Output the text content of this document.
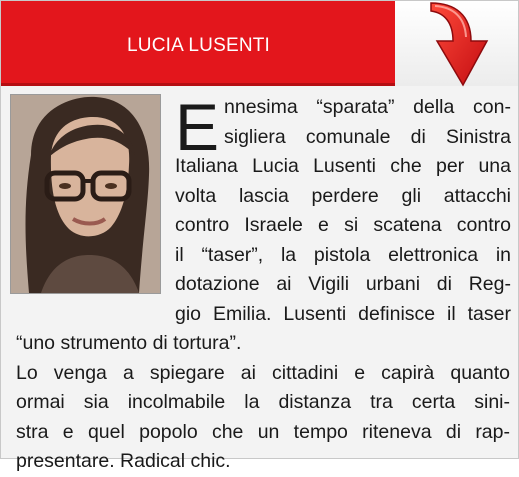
LUCIA LUSENTI
E nnesima “sparata” della con-
sigliera comunale di Sinistra
Italiana Lucia Lusenti che per una
volta lascia perdere gli attacchi
contro Israele e si scatena contro
il “taser”, la pistola elettronica in
dotazione ai Vigili urbani di Reg-
gio Emilia. Lusenti definisce il taser
“uno strumento di tortura”.
Lo venga a spiegare ai cittadini e capirà quanto
ormai sia incolmabile la distanza tra certa sini-
stra e quel popolo che un tempo riteneva di rap-
presentare. Radical chic.
